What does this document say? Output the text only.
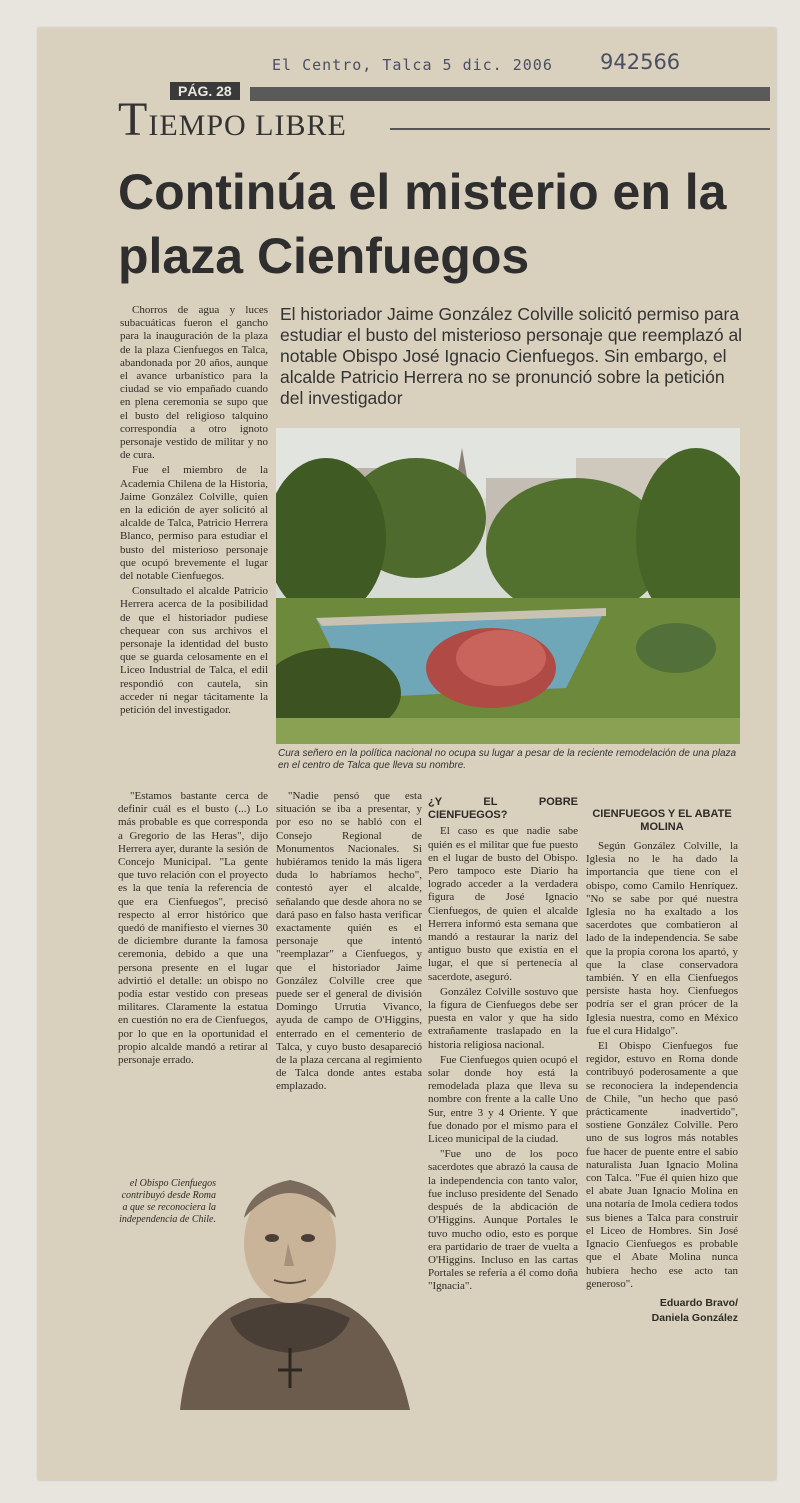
El Centro, Talca 5 dic. 2006 942566
PÁG. 28
TIEMPO LIBRE
Continúa el misterio en la plaza Cienfuegos

El historiador Jaime González Colville solicitó permiso para estudiar el busto del misterioso personaje que reemplazó al notable Obispo José Ignacio Cienfuegos. Sin embargo, el alcalde Patricio Herrera no se pronunció sobre la petición del investigador

Cura señero en la política nacional no ocupa su lugar a pesar de la reciente remodelación de una plaza en el centro de Talca que lleva su nombre.

Chorros de agua y luces subacuáticas fueron el gancho para la inauguración de la plaza de la plaza Cienfuegos en Talca, abandonada por 20 años, aunque el avance urbanístico para la ciudad se vio empañado cuando en plena ceremonia se supo que el busto del religioso talquino correspondía a otro ignoto personaje vestido de militar y no de cura.

Fue el miembro de la Academia Chilena de la Historia, Jaime González Colville, quien en la edición de ayer solicitó al alcalde de Talca, Patricio Herrera Blanco, permiso para estudiar el busto del misterioso personaje que ocupó brevemente el lugar del notable Cienfuegos.

Consultado el alcalde Patricio Herrera acerca de la posibilidad de que el historiador pudiese chequear con sus archivos el personaje la identidad del busto que se guarda celosamente en el Liceo Industrial de Talca, el edil respondió con cautela, sin acceder ni negar tácitamente la petición del investigador.

"Estamos bastante cerca de definir cuál es el busto (...) Lo más probable es que corresponda a Gregorio de las Heras", dijo Herrera ayer, durante la sesión de Concejo Municipal. "La gente que tuvo relación con el proyecto es la que tenía la referencia de que era Cienfuegos", precisó respecto al error histórico que quedó de manifiesto el viernes 30 de diciembre durante la famosa ceremonia, debido a que una persona presente en el lugar advirtió el detalle: un obispo no podía estar vestido con preseas militares. Claramente la estatua en cuestión no era de Cienfuegos, por lo que en la oportunidad el propio alcalde mandó a retirar al personaje errado.

"Nadie pensó que esta situación se iba a presentar, y por eso no se habló con el Consejo Regional de Monumentos Nacionales. Si hubiéramos tenido la más ligera duda lo habríamos hecho", contestó ayer el alcalde, señalando que desde ahora no se dará paso en falso hasta verificar exactamente quién es el personaje que intentó "reemplazar" a Cienfuegos, y que el historiador Jaime González Colville cree que puede ser el general de división Domingo Urrutia Vivanco, ayuda de campo de O'Higgins, enterrado en el cementerio de Talca, y cuyo busto desapareció de la plaza cercana al regimiento de Talca donde antes estaba emplazado.

¿Y EL POBRE CIENFUEGOS?

El caso es que nadie sabe quién es el militar que fue puesto en el lugar de busto del Obispo. Pero tampoco este Diario ha logrado acceder a la verdadera figura de José Ignacio Cienfuegos, de quien el alcalde Herrera informó esta semana que mandó a restaurar la nariz del antiguo busto que existía en el lugar, el que sí pertenecía al sacerdote, aseguró.

González Colville sostuvo que la figura de Cienfuegos debe ser puesta en valor y que ha sido extrañamente traslapado en la historia religiosa nacional.

Fue Cienfuegos quien ocupó el solar donde hoy está la remodelada plaza que lleva su nombre con frente a la calle Uno Sur, entre 3 y 4 Oriente. Y que fue donado por el mismo para el Liceo municipal de la ciudad.

"Fue uno de los poco sacerdotes que abrazó la causa de la independencia con tanto valor, fue incluso presidente del Senado después de la abdicación de O'Higgins. Aunque Portales le tuvo mucho odio, esto es porque era partidario de traer de vuelta a O'Higgins. Incluso en las cartas Portales se refería a él como doña "Ignacia".

CIENFUEGOS Y EL ABATE MOLINA

Según González Colville, la Iglesia no le ha dado la importancia que tiene con el obispo, como Camilo Henríquez. "No se sabe por qué nuestra Iglesia no ha exaltado a los sacerdotes que combatieron al lado de la independencia. Se sabe que la propia corona los apartó, y que la clase conservadora también. Y en ella Cienfuegos persiste hasta hoy. Cienfuegos podría ser el gran prócer de la Iglesia nuestra, como en México fue el cura Hidalgo".

El Obispo Cienfuegos fue regidor, estuvo en Roma donde contribuyó poderosamente a que se reconociera la independencia de Chile, "un hecho que pasó prácticamente inadvertido", sostiene González Colville. Pero uno de sus logros más notables fue hacer de puente entre el sabio naturalista Juan Ignacio Molina con Talca. "Fue él quien hizo que el abate Juan Ignacio Molina en una notaría de Imola cediera todos sus bienes a Talca para construir el Liceo de Hombres. Sin José Ignacio Cienfuegos es probable que el Abate Molina nunca hubiera hecho ese acto tan generoso".

Eduardo Bravo/

Daniela González

el Obispo Cienfuegos contribuyó desde Roma a que se reconociera la independencia de Chile.
